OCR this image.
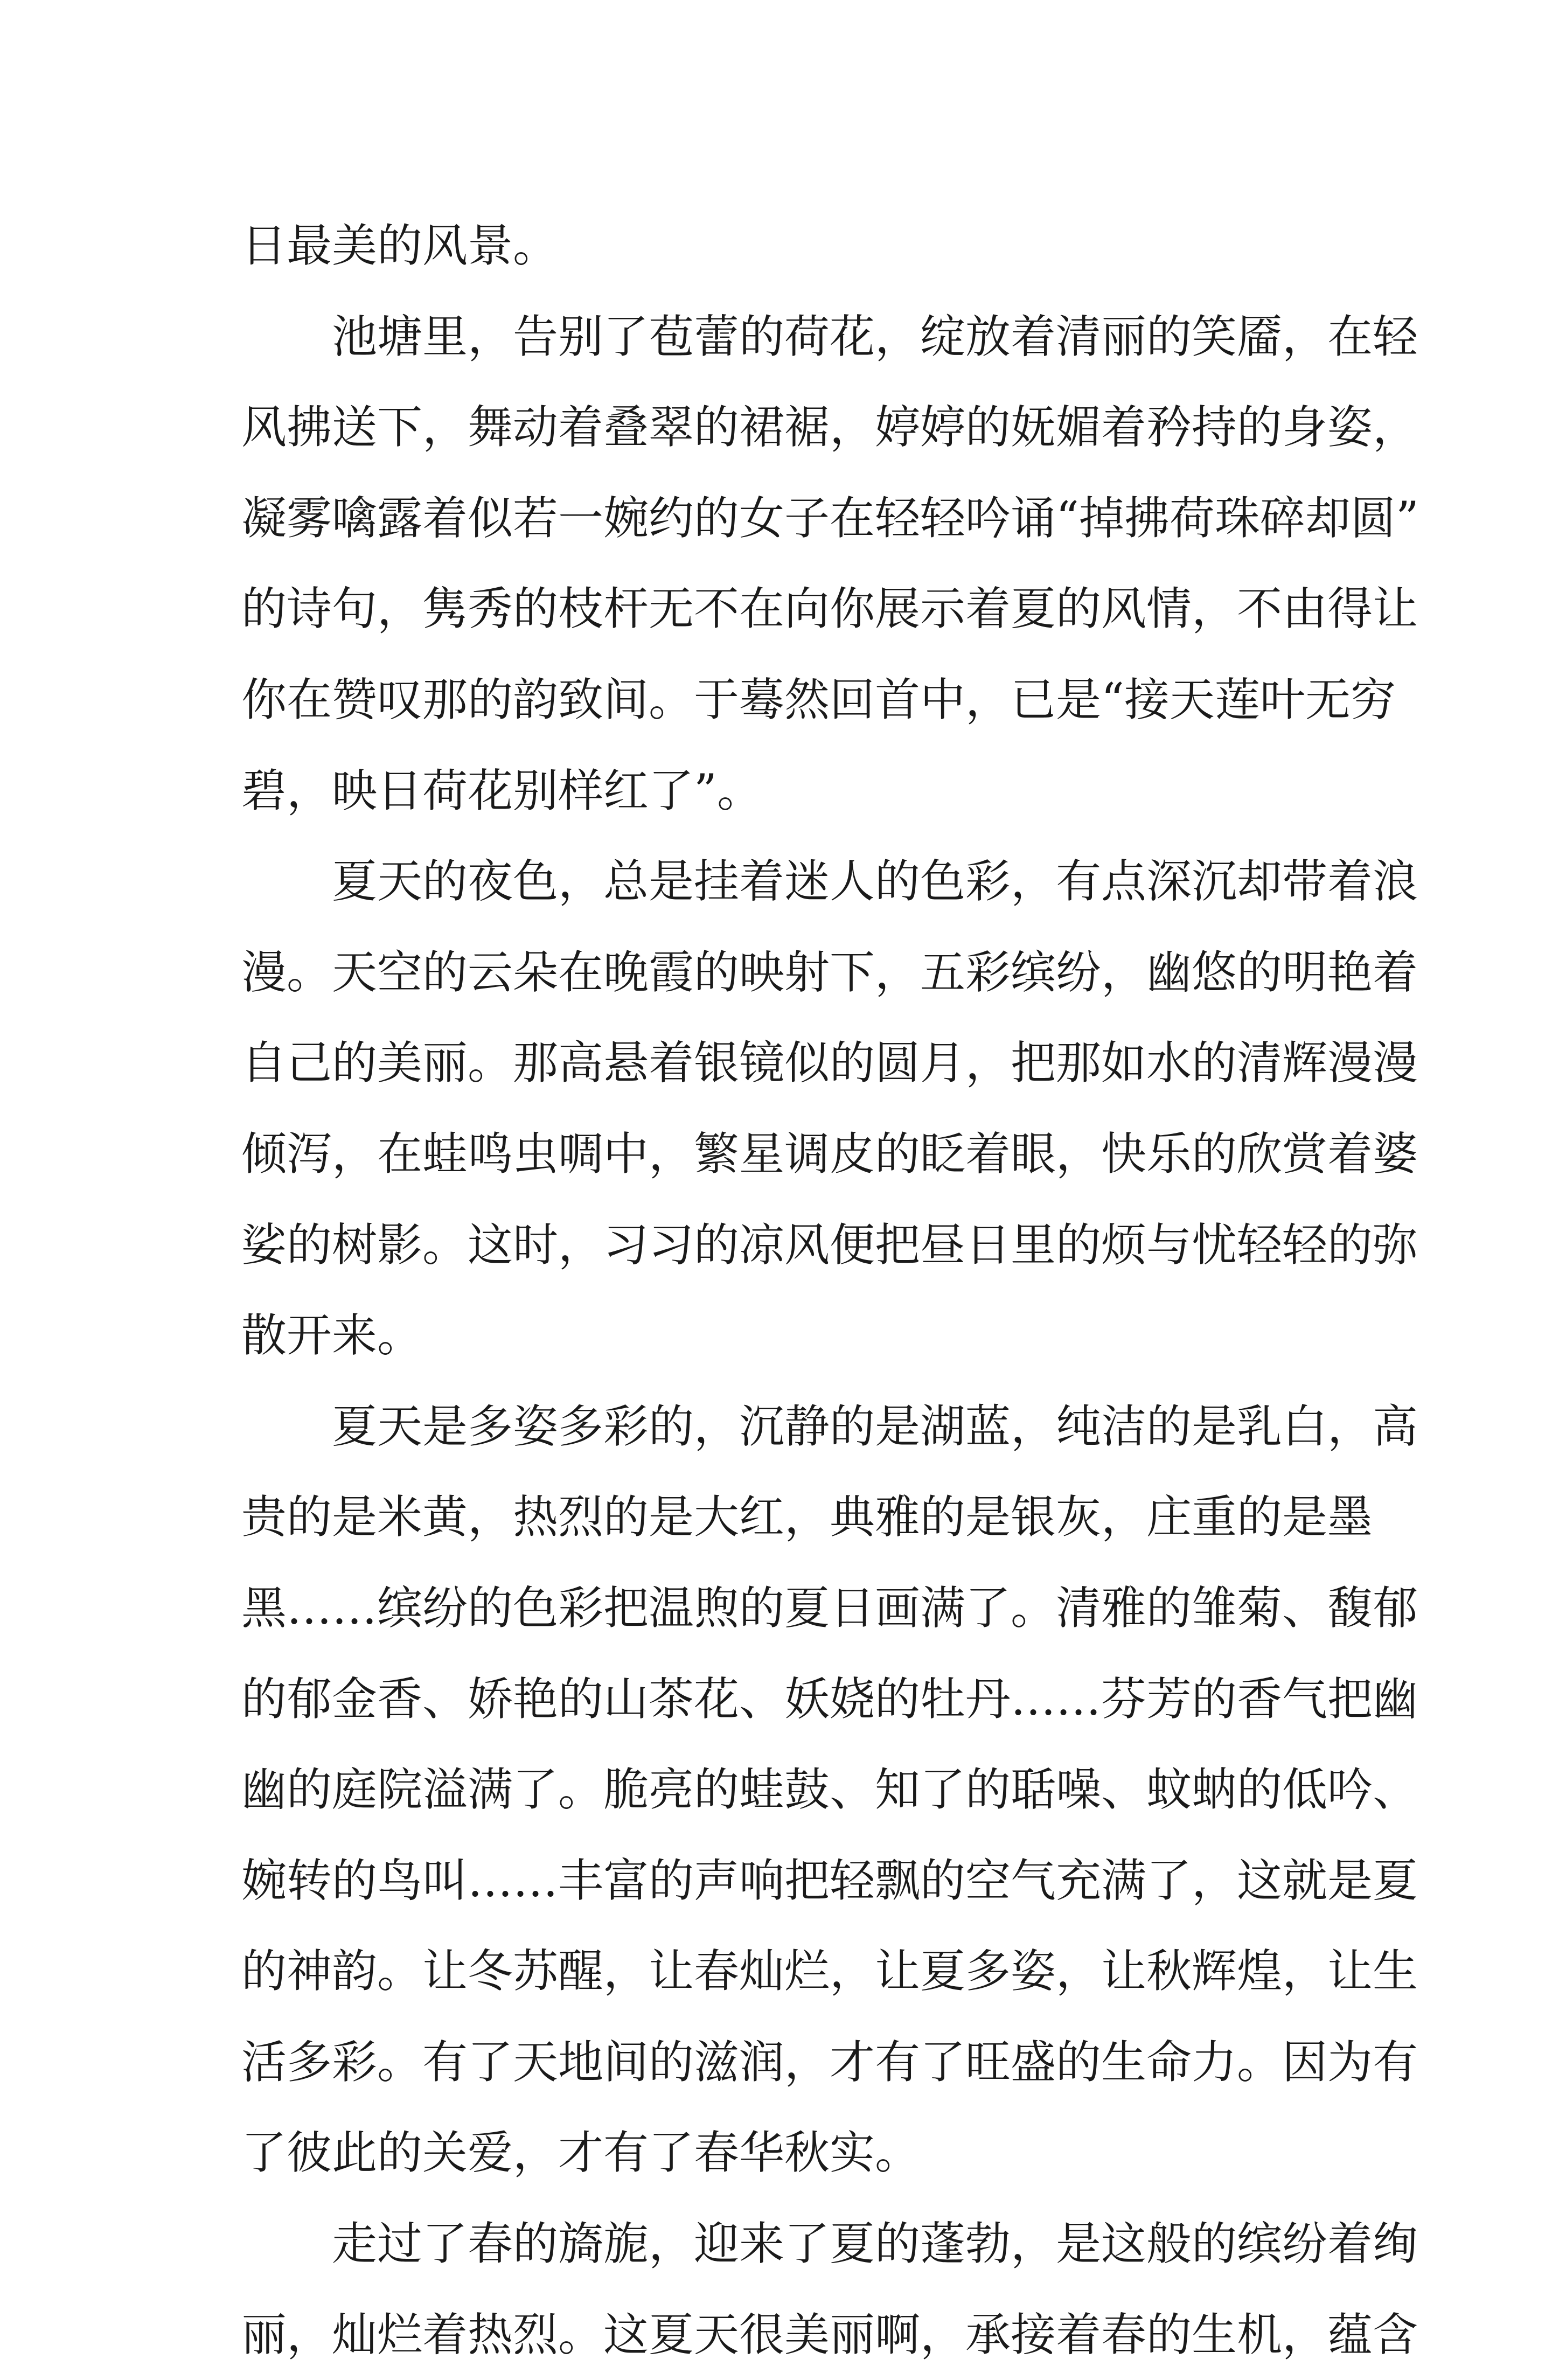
日最美的风景。
池塘里，告别了苞蕾的荷花，绽放着清丽的笑靥，在轻
风拂送下，舞动着叠翠的裙裾，婷婷的妩媚着矜持的身姿，
凝雾噙露着似若一婉约的女子在轻轻吟诵“掉拂荷珠碎却圆”
的诗句，隽秀的枝杆无不在向你展示着夏的风情，不由得让
你在赞叹那的韵致间。于蓦然回首中，已是“接天莲叶无穷
碧，映日荷花别样红了”。
夏天的夜色，总是挂着迷人的色彩，有点深沉却带着浪
漫。天空的云朵在晚霞的映射下，五彩缤纷，幽悠的明艳着
自己的美丽。那高悬着银镜似的圆月，把那如水的清辉漫漫
倾泻，在蛙鸣虫啁中，繁星调皮的眨着眼，快乐的欣赏着婆
娑的树影。这时，习习的凉风便把昼日里的烦与忧轻轻的弥
散开来。
夏天是多姿多彩的，沉静的是湖蓝，纯洁的是乳白，高
贵的是米黄，热烈的是大红，典雅的是银灰，庄重的是墨
黑……缤纷的色彩把温煦的夏日画满了。清雅的雏菊、馥郁
的郁金香、娇艳的山茶花、妖娆的牡丹……芬芳的香气把幽
幽的庭院溢满了。脆亮的蛙鼓、知了的聒噪、蚊蚋的低吟、
婉转的鸟叫……丰富的声响把轻飘的空气充满了，这就是夏
的神韵。让冬苏醒，让春灿烂，让夏多姿，让秋辉煌，让生
活多彩。有了天地间的滋润，才有了旺盛的生命力。因为有
了彼此的关爱，才有了春华秋实。
走过了春的旖旎，迎来了夏的蓬勃，是这般的缤纷着绚
丽，灿烂着热烈。这夏天很美丽啊，承接着春的生机，蕴含
